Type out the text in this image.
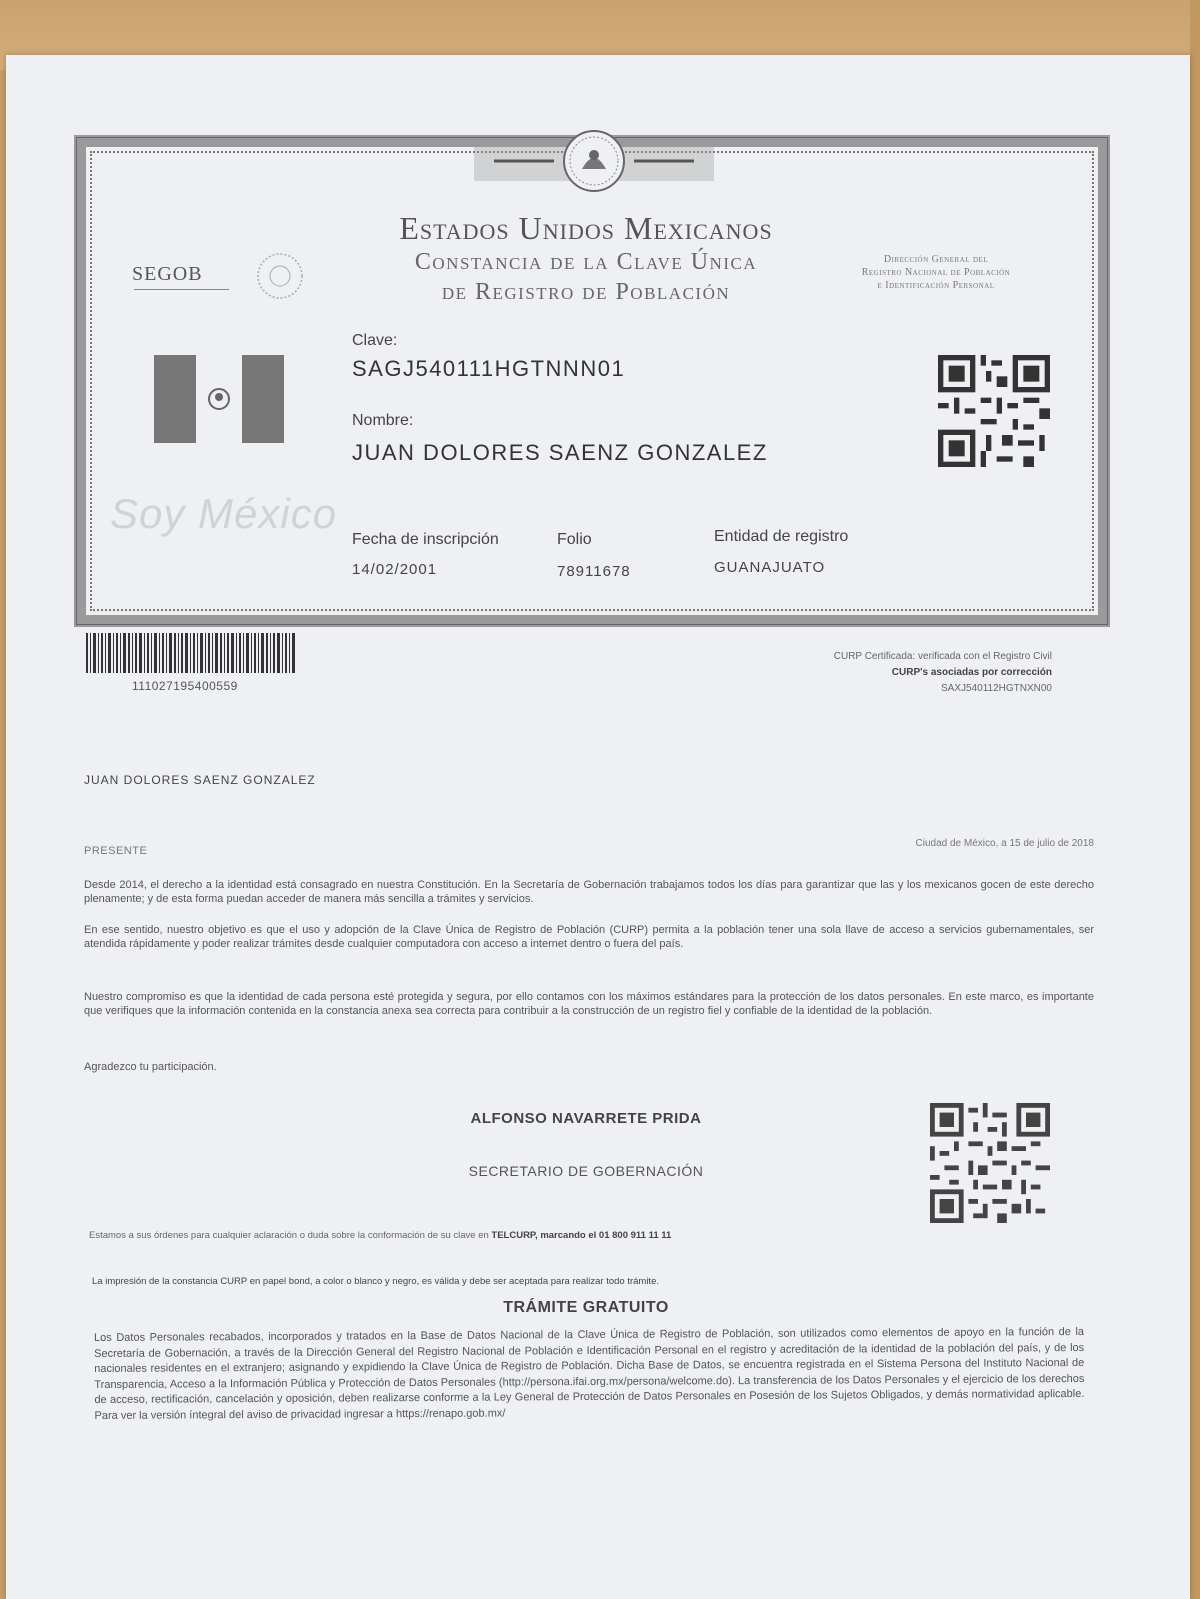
SEGOB
Estados Unidos Mexicanos
Constancia de la Clave Única
de Registro de Población
Dirección General del
Registro Nacional de Población
e Identificación Personal
Soy México
Clave:
SAGJ540111HGTNNN01
Nombre:
JUAN DOLORES SAENZ GONZALEZ
Fecha de inscripción
14/02/2001
Folio
78911678
Entidad de registro
GUANAJUATO
111027195400559
CURP Certificada: verificada con el Registro Civil
CURP's asociadas por corrección
SAXJ540112HGTNXN00
JUAN DOLORES SAENZ GONZALEZ
PRESENTE
Ciudad de México, a 15 de julio de 2018
Desde 2014, el derecho a la identidad está consagrado en nuestra Constitución. En la Secretaría de Gobernación trabajamos todos los días para garantizar que las y los mexicanos gocen de este derecho plenamente; y de esta forma puedan acceder de manera más sencilla a trámites y servicios.
En ese sentido, nuestro objetivo es que el uso y adopción de la Clave Única de Registro de Población (CURP) permita a la población tener una sola llave de acceso a servicios gubernamentales, ser atendida rápidamente y poder realizar trámites desde cualquier computadora con acceso a internet dentro o fuera del país.
Nuestro compromiso es que la identidad de cada persona esté protegida y segura, por ello contamos con los máximos estándares para la protección de los datos personales. En este marco, es importante que verifiques que la información contenida en la constancia anexa sea correcta para contribuir a la construcción de un registro fiel y confiable de la identidad de la población.
Agradezco tu participación.
ALFONSO NAVARRETE PRIDA
SECRETARIO DE GOBERNACIÓN
Estamos a sus órdenes para cualquier aclaración o duda sobre la conformación de su clave en TELCURP, marcando el 01 800 911 11 11
La impresión de la constancia CURP en papel bond, a color o blanco y negro, es válida y debe ser aceptada para realizar todo trámite.
TRÁMITE GRATUITO
Los Datos Personales recabados, incorporados y tratados en la Base de Datos Nacional de la Clave Única de Registro de Población, son utilizados como elementos de apoyo en la función de la Secretaría de Gobernación, a través de la Dirección General del Registro Nacional de Población e Identificación Personal en el registro y acreditación de la identidad de la población del país, y de los nacionales residentes en el extranjero; asignando y expidiendo la Clave Única de Registro de Población. Dicha Base de Datos, se encuentra registrada en el Sistema Persona del Instituto Nacional de Transparencia, Acceso a la Información Pública y Protección de Datos Personales (http://persona.ifai.org.mx/persona/welcome.do). La transferencia de los Datos Personales y el ejercicio de los derechos de acceso, rectificación, cancelación y oposición, deben realizarse conforme a la Ley General de Protección de Datos Personales en Posesión de los Sujetos Obligados, y demás normatividad aplicable. Para ver la versión íntegral del aviso de privacidad ingresar a https://renapo.gob.mx/
